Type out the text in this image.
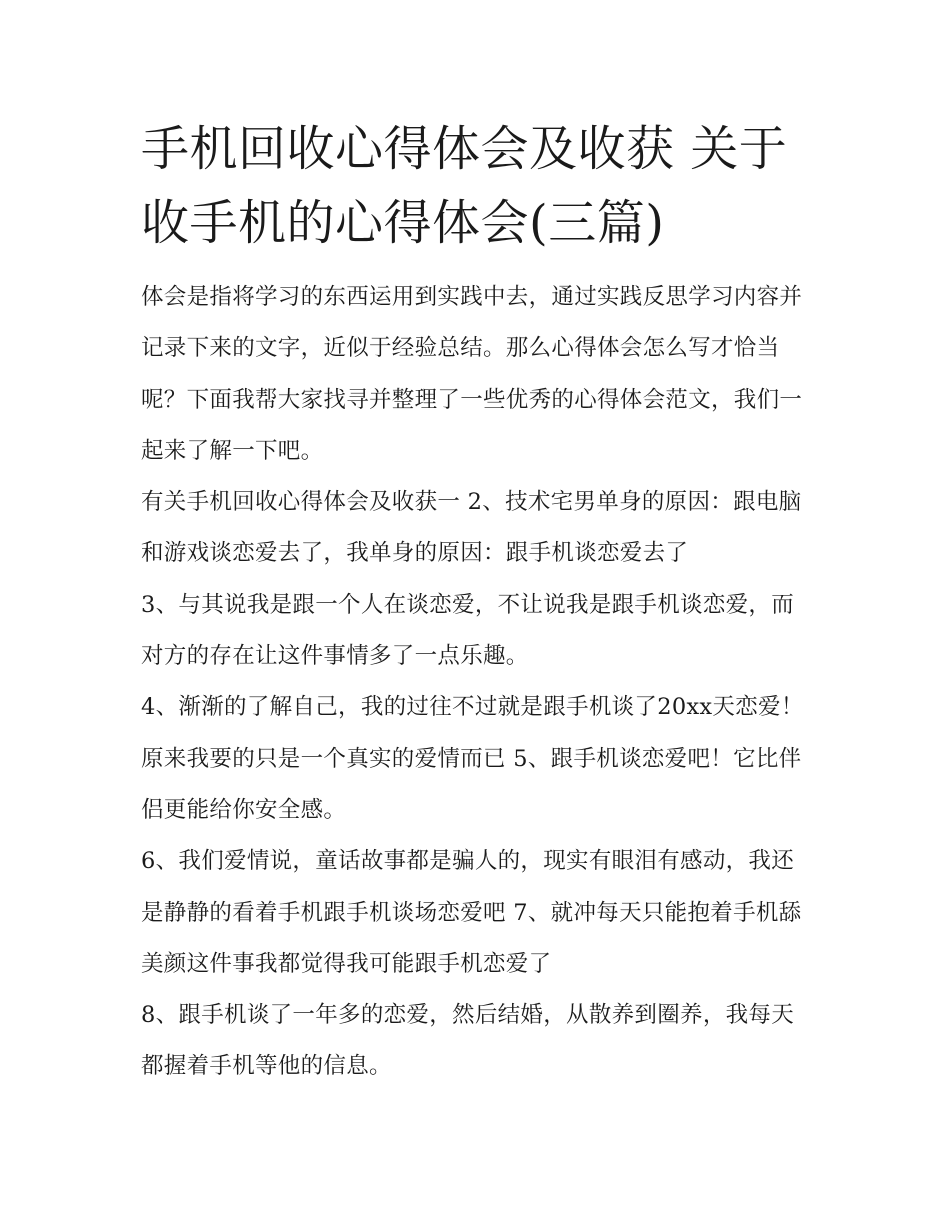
手机回收心得体会及收获 关于收手机的心得体会(三篇)

体会是指将学习的东西运用到实践中去，通过实践反思学习内容并记录下来的文字，近似于经验总结。那么心得体会怎么写才恰当呢？下面我帮大家找寻并整理了一些优秀的心得体会范文，我们一起来了解一下吧。

有关手机回收心得体会及收获一 2、技术宅男单身的原因：跟电脑和游戏谈恋爱去了，我单身的原因：跟手机谈恋爱去了

3、与其说我是跟一个人在谈恋爱，不让说我是跟手机谈恋爱，而对方的存在让这件事情多了一点乐趣。

4、渐渐的了解自己，我的过往不过就是跟手机谈了20xx天恋爱！原来我要的只是一个真实的爱情而已 5、跟手机谈恋爱吧！它比伴侣更能给你安全感。

6、我们爱情说，童话故事都是骗人的，现实有眼泪有感动，我还是静静的看着手机跟手机谈场恋爱吧 7、就冲每天只能抱着手机舔美颜这件事我都觉得我可能跟手机恋爱了

8、跟手机谈了一年多的恋爱，然后结婚，从散养到圈养，我每天都握着手机等他的信息。
